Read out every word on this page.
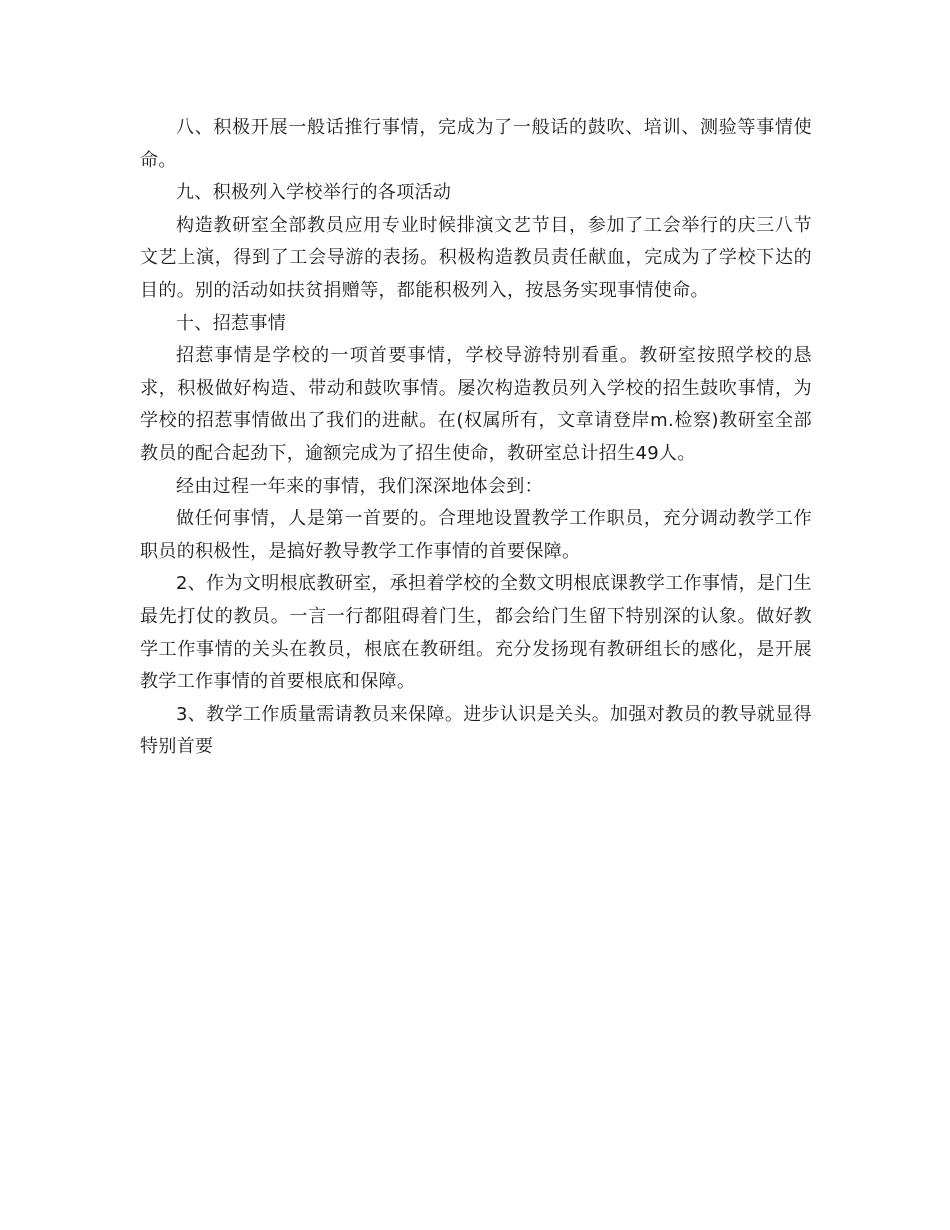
八、积极开展一般话推行事情，完成为了一般话的鼓吹、培训、测验等事情使命。

九、积极列入学校举行的各项活动

构造教研室全部教员应用专业时候排演文艺节目，参加了工会举行的庆三八节文艺上演，得到了工会导游的表扬。积极构造教员责任献血，完成为了学校下达的目的。别的活动如扶贫捐赠等，都能积极列入，按恳务实现事情使命。

十、招惹事情

招惹事情是学校的一项首要事情，学校导游特别看重。教研室按照学校的恳求，积极做好构造、带动和鼓吹事情。屡次构造教员列入学校的招生鼓吹事情，为学校的招惹事情做出了我们的进献。在(权属所有，文章请登岸m.检察)教研室全部教员的配合起劲下，逾额完成为了招生使命，教研室总计招生49人。

经由过程一年来的事情，我们深深地体会到：

做任何事情，人是第一首要的。合理地设置教学工作职员，充分调动教学工作职员的积极性，是搞好教导教学工作事情的首要保障。

2、作为文明根底教研室，承担着学校的全数文明根底课教学工作事情，是门生最先打仗的教员。一言一行都阻碍着门生，都会给门生留下特别深的认象。做好教学工作事情的关头在教员，根底在教研组。充分发扬现有教研组长的感化，是开展教学工作事情的首要根底和保障。

3、教学工作质量需请教员来保障。进步认识是关头。加强对教员的教导就显得特别首要
